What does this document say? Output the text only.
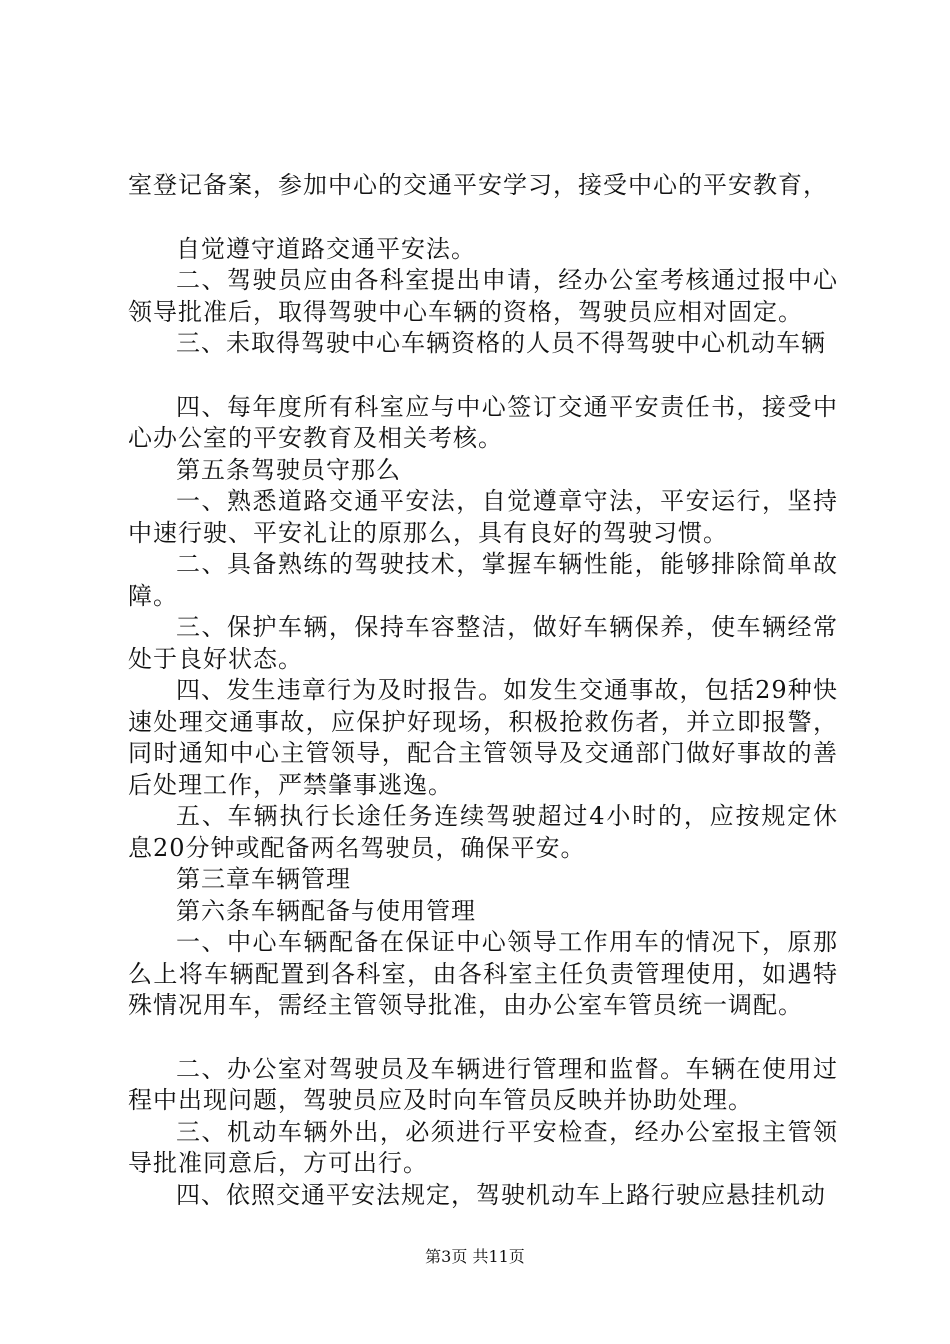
室登记备案，参加中心的交通平安学习，接受中心的平安教育，

自觉遵守道路交通平安法。

二、驾驶员应由各科室提出申请，经办公室考核通过报中心领导批准后，取得驾驶中心车辆的资格，驾驶员应相对固定。

三、未取得驾驶中心车辆资格的人员不得驾驶中心机动车辆

四、每年度所有科室应与中心签订交通平安责任书，接受中心办公室的平安教育及相关考核。

第五条驾驶员守那么

一、熟悉道路交通平安法，自觉遵章守法，平安运行，坚持中速行驶、平安礼让的原那么，具有良好的驾驶习惯。

二、具备熟练的驾驶技术，掌握车辆性能，能够排除简单故障。

三、保护车辆，保持车容整洁，做好车辆保养，使车辆经常处于良好状态。

四、发生违章行为及时报告。如发生交通事故，包括29种快速处理交通事故，应保护好现场，积极抢救伤者，并立即报警，同时通知中心主管领导，配合主管领导及交通部门做好事故的善后处理工作，严禁肇事逃逸。

五、车辆执行长途任务连续驾驶超过4小时的，应按规定休息20分钟或配备两名驾驶员，确保平安。

第三章车辆管理

第六条车辆配备与使用管理

一、中心车辆配备在保证中心领导工作用车的情况下，原那么上将车辆配置到各科室，由各科室主任负责管理使用，如遇特殊情况用车，需经主管领导批准，由办公室车管员统一调配。

二、办公室对驾驶员及车辆进行管理和监督。车辆在使用过程中出现问题，驾驶员应及时向车管员反映并协助处理。

三、机动车辆外出，必须进行平安检查，经办公室报主管领导批准同意后，方可出行。

四、依照交通平安法规定，驾驶机动车上路行驶应悬挂机动

第3页 共11页
